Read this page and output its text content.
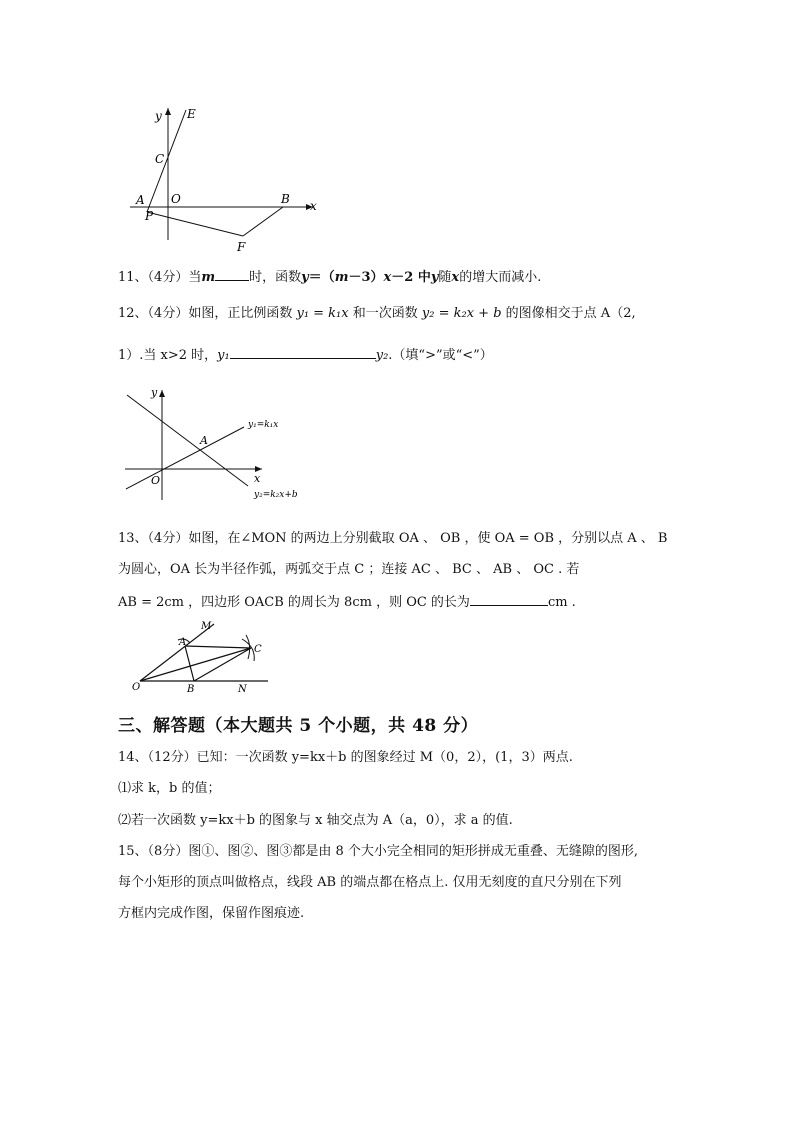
y E
C
A O
P
B x
F
11、（4分）当m	时，函数y＝（m－3）x－2 中y随x的增大而减小.
12、（4分）如图，正比例函数 y₁ = k₁x 和一次函数 y₂ = k₂x + b 的图像相交于点 A（2,
1）.当 x>2 时，y₁	y₂.（填“>”或“<”）
y
A
O	x
y₁=k₁x
y₂=k₂x+b
13、（4分）如图，在∠MON 的两边上分别截取 OA 、 OB ，使 OA = OB ，分别以点 A 、 B
为圆心，OA 长为半径作弧，两弧交于点 C ；连接 AC 、 BC 、 AB 、 OC . 若
AB = 2cm ，四边形 OACB 的周长为 8cm ，则 OC 的长为	cm .
M
A
C
O	B	N
三、解答题（本大题共 5 个小题，共 48 分）
14、（12分）已知：一次函数 y=kx＋b 的图象经过 M（0，2），(1，3）两点.
⑴求 k，b 的值；
⑵若一次函数 y=kx＋b 的图象与 x 轴交点为 A（a，0），求 a 的值.
15、（8分）图①、图②、图③都是由 8 个大小完全相同的矩形拼成无重叠、无缝隙的图形,
每个小矩形的顶点叫做格点，线段 AB 的端点都在格点上. 仅用无刻度的直尺分别在下列
方框内完成作图，保留作图痕迹.
